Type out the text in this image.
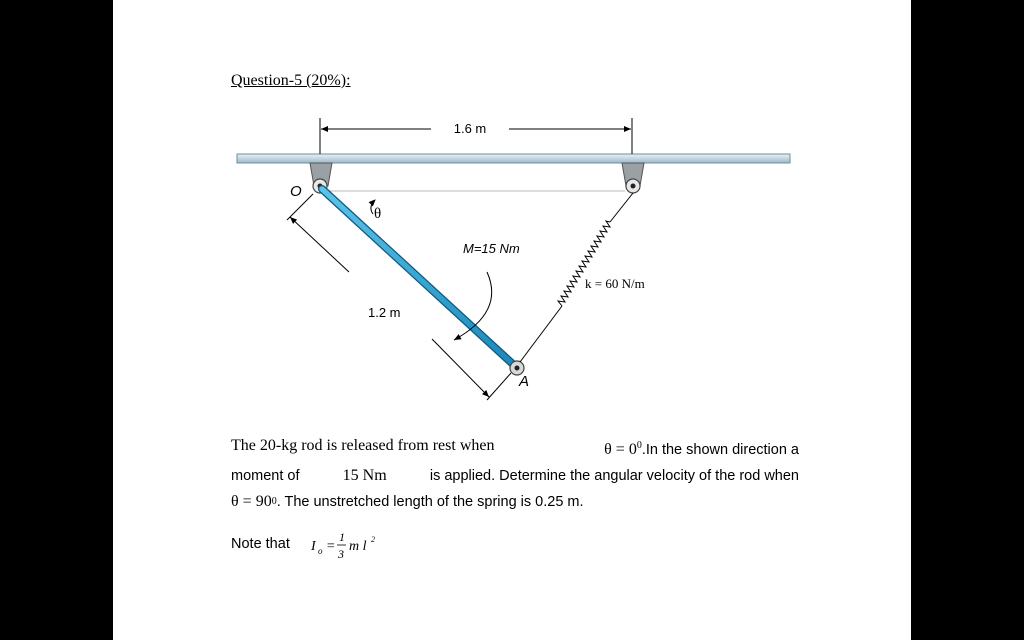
Question-5 (20%):
1.6 m
O
θ
M=15 Nm
k = 60 N/m
A
1.2 m
The 20-kg rod is released from rest when	$\theta = 0^0.In$ the shown direction a
moment of	15 Nm	is applied. Determine the angular velocity of the rod when
θ = 90 0 . The unstretched length of the spring is 0.25 m.
Note that I o =
1
3 m l 2
